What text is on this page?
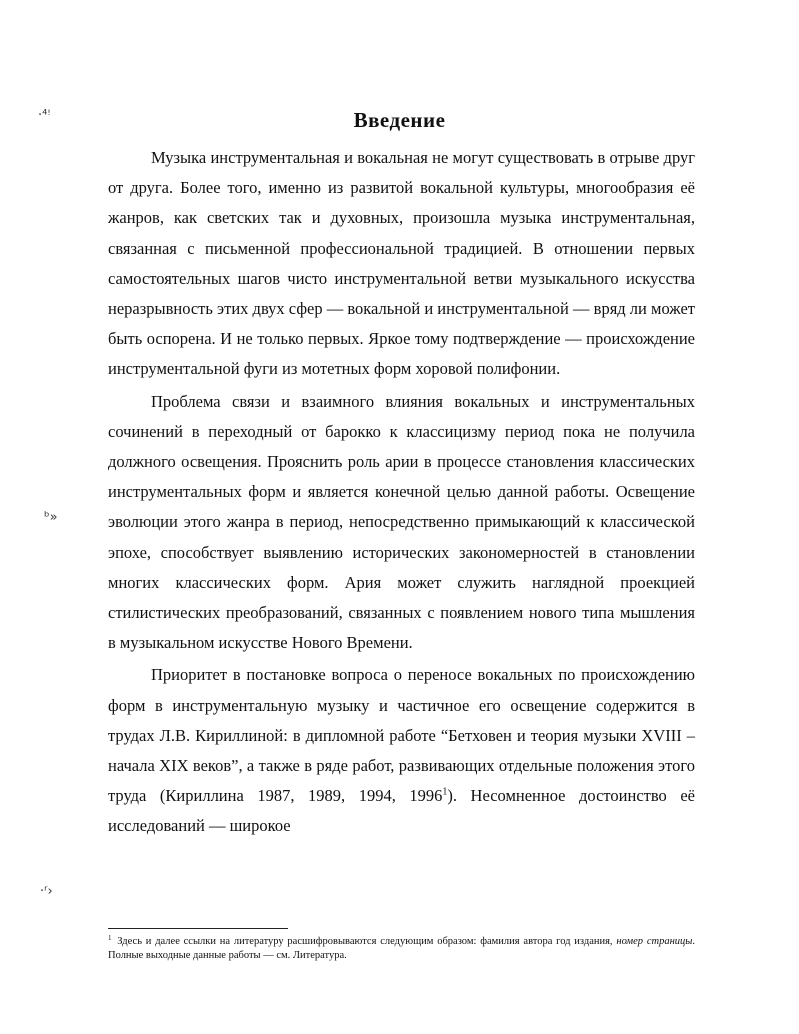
·⁴ꜝ
ᵇ»
·ʳ›
Введение

Музыка инструментальная и вокальная не могут существовать в отрыве друг от друга. Более того, именно из развитой вокальной культуры, многообразия её жанров, как светских так и духовных, произошла музыка инструментальная, связанная с письменной профессиональной традицией. В отношении первых самостоятельных шагов чисто инструментальной ветви музыкального искусства неразрывность этих двух сфер — вокальной и инструментальной — вряд ли может быть оспорена. И не только первых. Яркое тому подтверждение — происхождение инструментальной фуги из мотетных форм хоровой полифонии.

Проблема связи и взаимного влияния вокальных и инструментальных сочинений в переходный от барокко к классицизму период пока не получила должного освещения. Прояснить роль арии в процессе становления классических инструментальных форм и является конечной целью данной работы. Освещение эволюции этого жанра в период, непосредственно примыкающий к классической эпохе, способствует выявлению исторических закономерностей в становлении многих классических форм. Ария может служить наглядной проекцией стилистических преобразований, связанных с появлением нового типа мышления в музыкальном искусстве Нового Времени.

Приоритет в постановке вопроса о переносе вокальных по происхождению форм в инструментальную музыку и частичное его освещение содержится в трудах Л.В. Кириллиной: в дипломной работе “Бетховен и теория музыки XVIII – начала XIX веков”, а также в ряде работ, развивающих отдельные положения этого труда (Кириллина 1987, 1989, 1994, 1996$^1$). Несомненное достоинство её исследований — широкое

$^1$ Здесь и далее ссылки на литературу расшифровываются следующим образом: фамилия автора год издания, номер страницы. Полные выходные данные работы — см. Литература.
